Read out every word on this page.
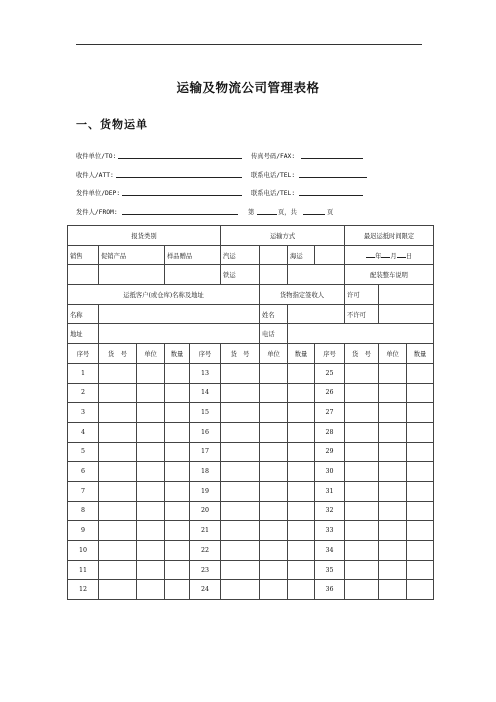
运输及物流公司管理表格
一、货物运单
收件单位/TO:	传真号码/FAX:
收件人/ATT:	联系电话/TEL:
发件单位/DEP:	联系电话/TEL:
发件人/FROM:	第	页，共	页
报货类别					运输方式				最迟运抵时间限定		
销售	促销产品		样品赠品		汽运		海运		年 月 日		
					铁运				配装整车说明		
运抵客户(或仓库)名称及地址						货物指定签收人			许可		
名称						姓名			不许可		
地址						电话					
序号	货　号	单位	数量	序号	货　号	单位	数量	序号	货　号	单位	数量
1				13				25			
2				14				26			
3				15				27			
4				16				28			
5				17				29			
6				18				30			
7				19				31			
8				20				32			
9				21				33			
10				22				34			
11				23				35			
12				24				36			
